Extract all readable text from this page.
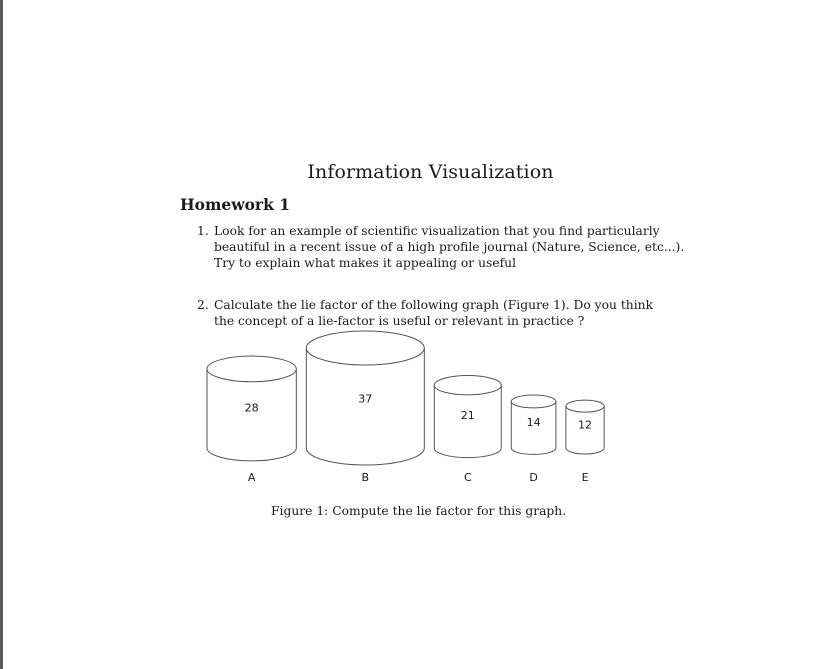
Information Visualization
Homework 1
1. Look for an example of scientific visualization that you find particularly
beautiful in a recent issue of a high profile journal (Nature, Science, etc...).
Try to explain what makes it appealing or useful
2. Calculate the lie factor of the following graph (Figure 1). Do you think
the concept of a lie-factor is useful or relevant in practice ?
28
A
37
B
21
C
14
D
12
E
Figure 1: Compute the lie factor for this graph.
